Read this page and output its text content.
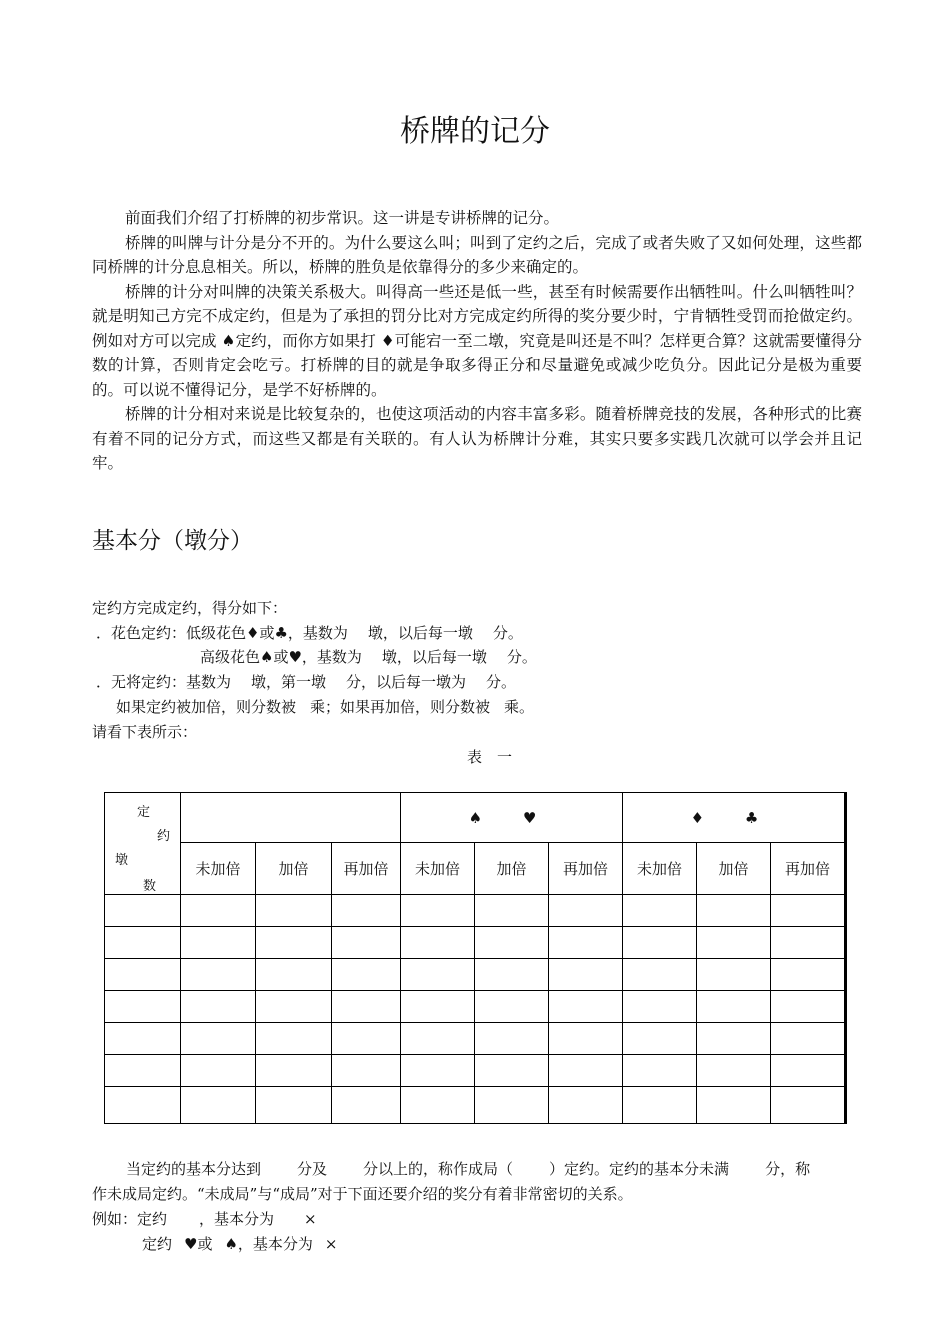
桥牌的记分

前面我们介绍了打桥牌的初步常识。这一讲是专讲桥牌的记分。

桥牌的叫牌与计分是分不开的。为什么要这么叫；叫到了定约之后，完成了或者失败了又如何处理，这些都同桥牌的计分息息相关。所以，桥牌的胜负是依靠得分的多少来确定的。

桥牌的计分对叫牌的决策关系极大。叫得高一些还是低一些，甚至有时候需要作出牺牲叫。什么叫牺牲叫？就是明知己方完不成定约，但是为了承担的罚分比对方完成定约所得的奖分要少时，宁肯牺牲受罚而抢做定约。例如对方可以完成 ♠定约，而你方如果打 ♦可能宕一至二墩，究竟是叫还是不叫？怎样更合算？这就需要懂得分数的计算，否则肯定会吃亏。打桥牌的目的就是争取多得正分和尽量避免或减少吃负分。因此记分是极为重要的。可以说不懂得记分，是学不好桥牌的。

桥牌的计分相对来说是比较复杂的，也使这项活动的内容丰富多彩。随着桥牌竞技的发展，各种形式的比赛有着不同的记分方式，而这些又都是有关联的。有人认为桥牌计分难，其实只要多实践几次就可以学会并且记牢。

基本分（墩分）
定约方完成定约，得分如下：
．花色定约：低级花色♦或♣，基数为 墩，以后每一墩 分。
高级花色♠或♥，基数为 墩，以后每一墩 分。
．无将定约：基数为 墩，第一墩 分，以后每一墩为 分。
如果定约被加倍，则分数被 乘；如果再加倍，则分数被 乘。
请看下表所示：
表　一
定
约
墩
数				♠ ♥			♦ ♣		
	未加倍	加倍	再加倍	未加倍	加倍	再加倍	未加倍	加倍	再加倍

当定约的基本分达到 分及 分以上的，称作成局（ ）定约。定约的基本分未满 分，称
作未成局定约。“未成局”与“成局”对于下面还要介绍的奖分有着非常密切的关系。
例如：定约 ，基本分为 ×
定约 ♥或 ♠，基本分为 ×
